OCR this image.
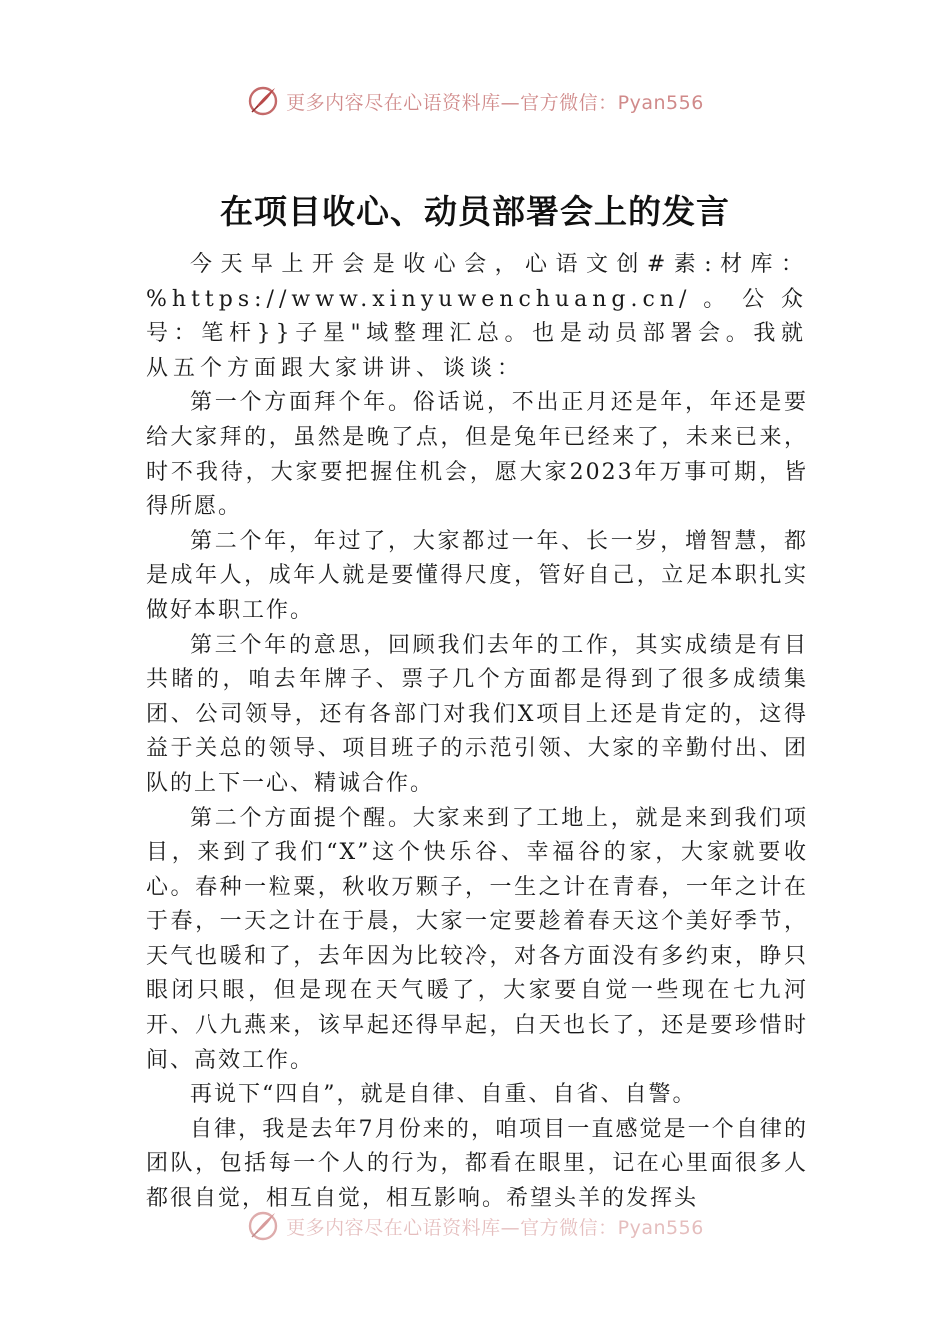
更多内容尽在心语资料库—官方微信：Pyan556
在项目收心、动员部署会上的发言

今天早上开会是收心会，心语文创#素:材库：%https://www.xinyuwenchuang.cn/。公众号：笔杆}}子星"域整理汇总。也是动员部署会。我就从五个方面跟大家讲讲、谈谈：

第一个方面拜个年。俗话说，不出正月还是年，年还是要给大家拜的，虽然是晚了点，但是兔年已经来了，未来已来，时不我待，大家要把握住机会，愿大家2023年万事可期，皆得所愿。

第二个年，年过了，大家都过一年、长一岁，增智慧，都是成年人，成年人就是要懂得尺度，管好自己，立足本职扎实做好本职工作。

第三个年的意思，回顾我们去年的工作，其实成绩是有目共睹的，咱去年牌子、票子几个方面都是得到了很多成绩集团、公司领导，还有各部门对我们X项目上还是肯定的，这得益于关总的领导、项目班子的示范引领、大家的辛勤付出、团队的上下一心、精诚合作。

第二个方面提个醒。大家来到了工地上，就是来到我们项目，来到了我们“X”这个快乐谷、幸福谷的家，大家就要收心。春种一粒粟，秋收万颗子，一生之计在青春，一年之计在于春，一天之计在于晨，大家一定要趁着春天这个美好季节，天气也暖和了，去年因为比较冷，对各方面没有多约束，睁只眼闭只眼，但是现在天气暖了，大家要自觉一些现在七九河开、八九燕来，该早起还得早起，白天也长了，还是要珍惜时间、高效工作。

再说下“四自”，就是自律、自重、自省、自警。

自律，我是去年7月份来的，咱项目一直感觉是一个自律的团队，包括每一个人的行为，都看在眼里，记在心里面很多人都很自觉，相互自觉，相互影响。希望头羊的发挥头

更多内容尽在心语资料库—官方微信：Pyan556
